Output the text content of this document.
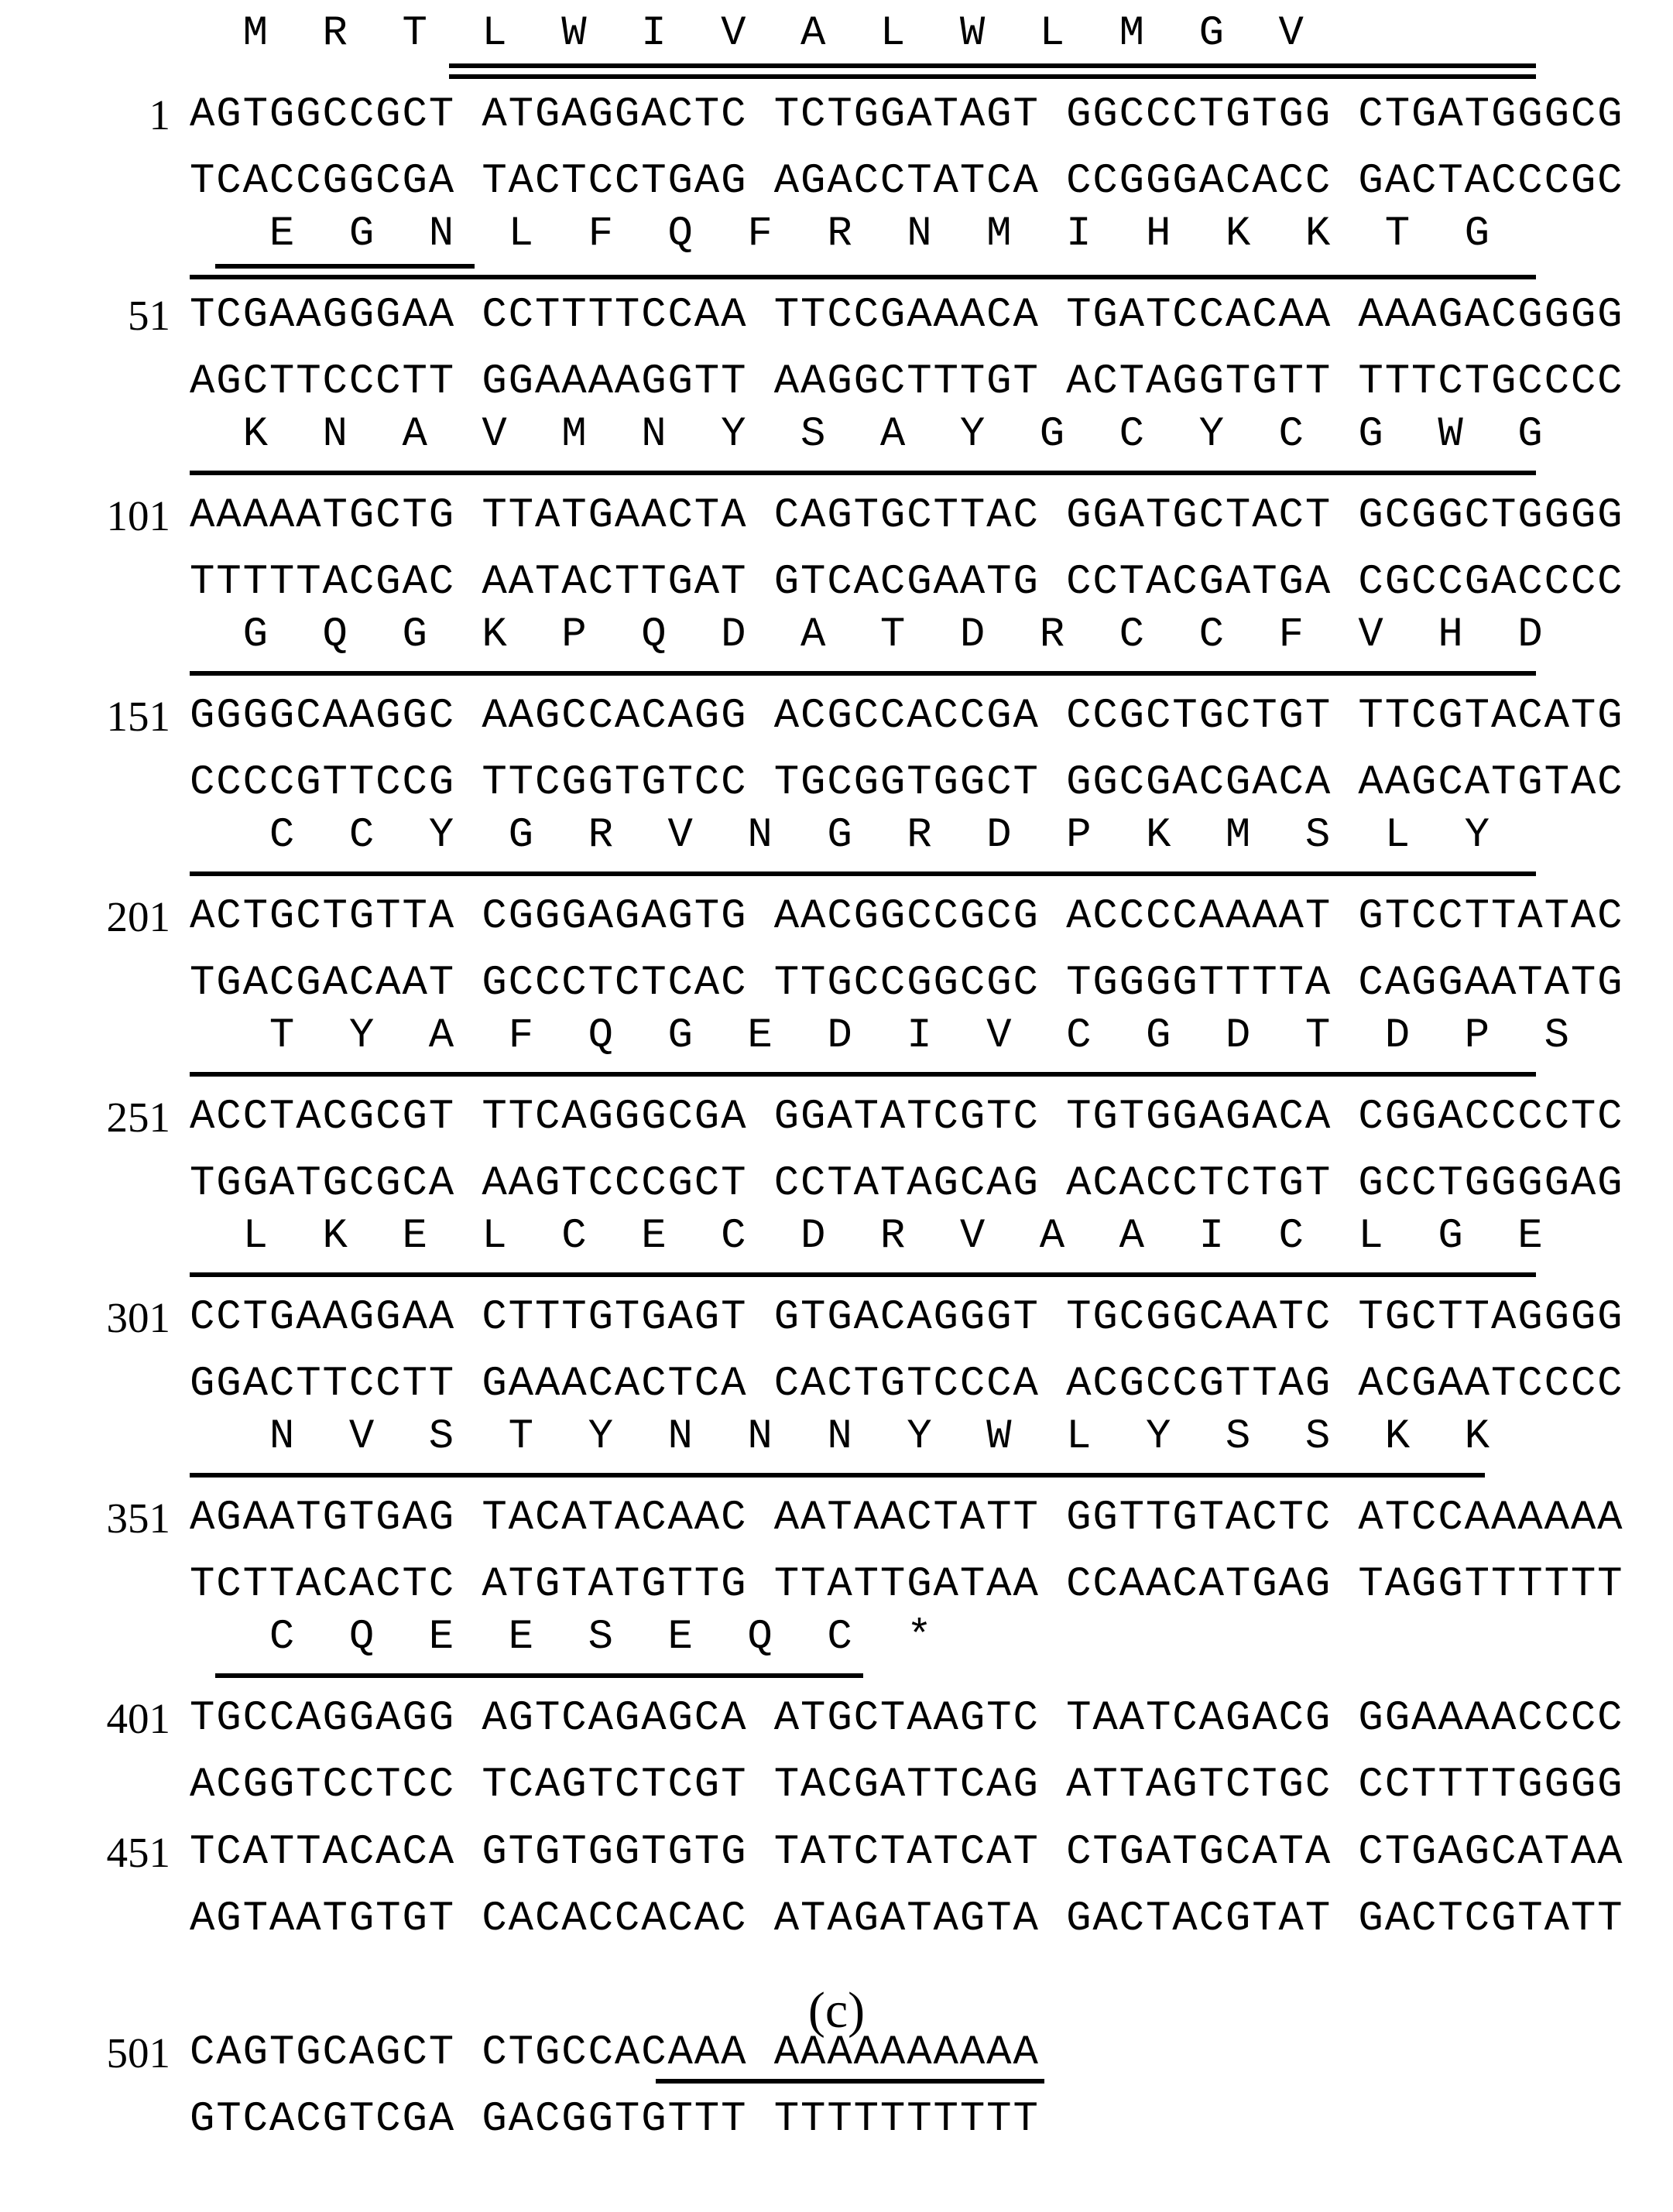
M  R  T  L  W  I  V  A  L  W  L  M  G  V
1 AGTGGCCGCT ATGAGGACTC TCTGGATAGT GGCCCTGTGG CTGATGGGCG
TCACCGGCGA TACTCCTGAG AGACCTATCA CCGGGACACC GACTACCCGC
E  G  N  L  F  Q  F  R  N  M  I  H  K  K  T  G
51 TCGAAGGGAA CCTTTTCCAA TTCCGAAACA TGATCCACAA AAAGACGGGG
AGCTTCCCTT GGAAAAGGTT AAGGCTTTGT ACTAGGTGTT TTTCTGCCCC
K  N  A  V  M  N  Y  S  A  Y  G  C  Y  C  G  W  G
101 AAAAATGCTG TTATGAACTA CAGTGCTTAC GGATGCTACT GCGGCTGGGG
TTTTTACGAC AATACTTGAT GTCACGAATG CCTACGATGA CGCCGACCCC
G  Q  G  K  P  Q  D  A  T  D  R  C  C  F  V  H  D
151 GGGGCAAGGC AAGCCACAGG ACGCCACCGA CCGCTGCTGT TTCGTACATG
CCCCGTTCCG TTCGGTGTCC TGCGGTGGCT GGCGACGACA AAGCATGTAC
C  C  Y  G  R  V  N  G  R  D  P  K  M  S  L  Y
201 ACTGCTGTTA CGGGAGAGTG AACGGCCGCG ACCCCAAAAT GTCCTTATAC
TGACGACAAT GCCCTCTCAC TTGCCGGCGC TGGGGTTTTA CAGGAATATG
T  Y  A  F  Q  G  E  D  I  V  C  G  D  T  D  P  S
251 ACCTACGCGT TTCAGGGCGA GGATATCGTC TGTGGAGACA CGGACCCCTC
TGGATGCGCA AAGTCCCGCT CCTATAGCAG ACACCTCTGT GCCTGGGGAG
L  K  E  L  C  E  C  D  R  V  A  A  I  C  L  G  E
301 CCTGAAGGAA CTTTGTGAGT GTGACAGGGT TGCGGCAATC TGCTTAGGGG
GGACTTCCTT GAAACACTCA CACTGTCCCA ACGCCGTTAG ACGAATCCCC
N  V  S  T  Y  N  N  N  Y  W  L  Y  S  S  K  K
351 AGAATGTGAG TACATACAAC AATAACTATT GGTTGTACTC ATCCAAAAAA
TCTTACACTC ATGTATGTTG TTATTGATAA CCAACATGAG TAGGTTTTTT
C  Q  E  E  S  E  Q  C  *
401 TGCCAGGAGG AGTCAGAGCA ATGCTAAGTC TAATCAGACG GGAAAACCCC
ACGGTCCTCC TCAGTCTCGT TACGATTCAG ATTAGTCTGC CCTTTTGGGG
451 TCATTACACA GTGTGGTGTG TATCTATCAT CTGATGCATA CTGAGCATAA
AGTAATGTGT CACACCACAC ATAGATAGTA GACTACGTAT GACTCGTATT
501 CAGTGCAGCT CTGCCACAAA AAAAAAAAAA
GTCACGTCGA GACGGTGTTT TTTTTTTTTT
(c)
